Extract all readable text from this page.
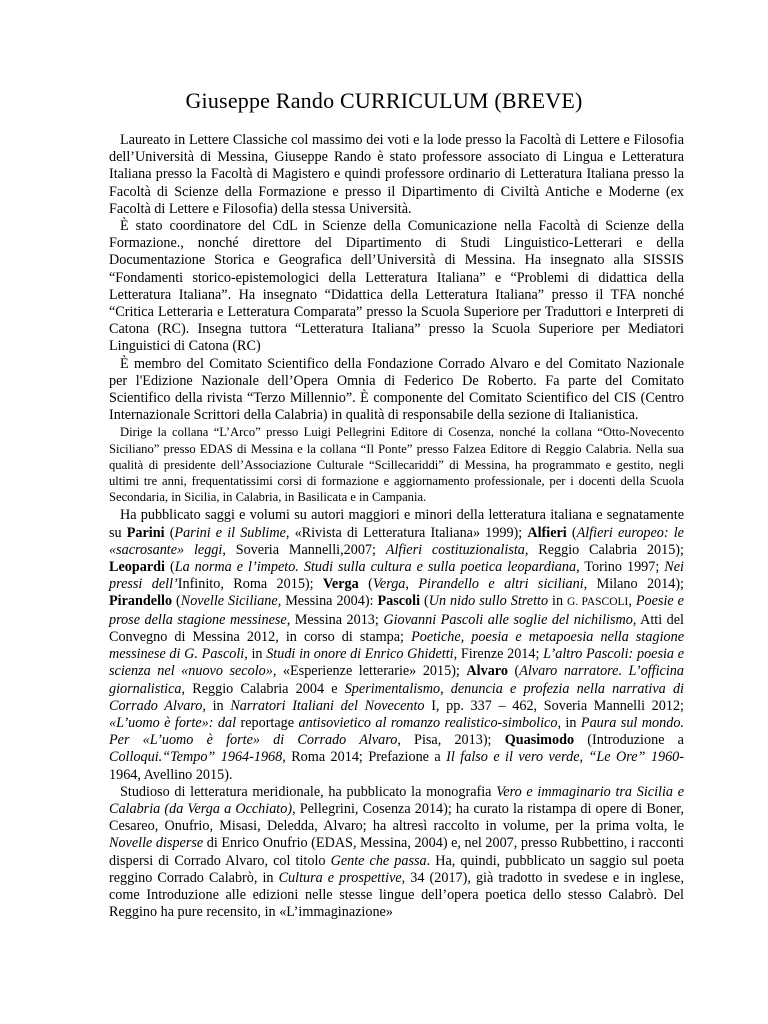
Giuseppe Rando CURRICULUM (BREVE)

Laureato in Lettere Classiche col massimo dei voti e la lode presso la Facoltà di Lettere e Filosofia dell’Università di Messina, Giuseppe Rando è stato professore associato di Lingua e Letteratura Italiana presso la Facoltà di Magistero e quindi professore ordinario di Letteratura Italiana presso la Facoltà di Scienze della Formazione e presso il Dipartimento di Civiltà Antiche e Moderne (ex Facoltà di Lettere e Filosofia) della stessa Università.

È stato coordinatore del CdL in Scienze della Comunicazione nella Facoltà di Scienze della Formazione., nonché direttore del Dipartimento di Studi Linguistico-Letterari e della Documentazione Storica e Geografica dell’Università di Messina. Ha insegnato alla SISSIS “Fondamenti storico-epistemologici della Letteratura Italiana” e “Problemi di didattica della Letteratura Italiana”. Ha insegnato “Didattica della Letteratura Italiana” presso il TFA nonché “Critica Letteraria e Letteratura Comparata” presso la Scuola Superiore per Traduttori e Interpreti di Catona (RC). Insegna tuttora “Letteratura Italiana” presso la Scuola Superiore per Mediatori Linguistici di Catona (RC)

È membro del Comitato Scientifico della Fondazione Corrado Alvaro e del Comitato Nazionale per l'Edizione Nazionale dell’Opera Omnia di Federico De Roberto. Fa parte del Comitato Scientifico della rivista “Terzo Millennio”. È componente del Comitato Scientifico del CIS (Centro Internazionale Scrittori della Calabria) in qualità di responsabile della sezione di Italianistica.

Dirige la collana “L’Arco” presso Luigi Pellegrini Editore di Cosenza, nonché la collana “Otto-Novecento Siciliano” presso EDAS di Messina e la collana “Il Ponte” presso Falzea Editore di Reggio Calabria. Nella sua qualità di presidente dell’Associazione Culturale “Scillecariddi” di Messina, ha programmato e gestito, negli ultimi tre anni, frequentatissimi corsi di formazione e aggiornamento professionale, per i docenti della Scuola Secondaria, in Sicilia, in Calabria, in Basilicata e in Campania.

Ha pubblicato saggi e volumi su autori maggiori e minori della letteratura italiana e segnatamente su Parini (Parini e il Sublime, «Rivista di Letteratura Italiana» 1999); Alfieri (Alfieri europeo: le «sacrosante» leggi, Soveria Mannelli,2007; Alfieri costituzionalista, Reggio Calabria 2015); Leopardi (La norma e l’impeto. Studi sulla cultura e sulla poetica leopardiana, Torino 1997; Nei pressi dell’Infinito, Roma 2015); Verga (Verga, Pirandello e altri siciliani, Milano 2014); Pirandello (Novelle Siciliane, Messina 2004): Pascoli (Un nido sullo Stretto in G. PASCOLI, Poesie e prose della stagione messinese, Messina 2013; Giovanni Pascoli alle soglie del nichilismo, Atti del Convegno di Messina 2012, in corso di stampa; Poetiche, poesia e metapoesia nella stagione messinese di G. Pascoli, in Studi in onore di Enrico Ghidetti, Firenze 2014; L’altro Pascoli: poesia e scienza nel «nuovo secolo», «Esperienze letterarie» 2015); Alvaro (Alvaro narratore. L’officina giornalistica, Reggio Calabria 2004 e Sperimentalismo, denuncia e profezia nella narrativa di Corrado Alvaro, in Narratori Italiani del Novecento I, pp. 337 – 462, Soveria Mannelli 2012; «L’uomo è forte»: dal reportage antisovietico al romanzo realistico-simbolico, in Paura sul mondo. Per «L’uomo è forte» di Corrado Alvaro, Pisa, 2013); Quasimodo (Introduzione a Colloqui.“Tempo” 1964-1968, Roma 2014; Prefazione a Il falso e il vero verde, “Le Ore” 1960-1964, Avellino 2015).

Studioso di letteratura meridionale, ha pubblicato la monografia Vero e immaginario tra Sicilia e Calabria (da Verga a Occhiato), Pellegrini, Cosenza 2014); ha curato la ristampa di opere di Boner, Cesareo, Onufrio, Misasi, Deledda, Alvaro; ha altresì raccolto in volume, per la prima volta, le Novelle disperse di Enrico Onufrio (EDAS, Messina, 2004) e, nel 2007, presso Rubbettino, i racconti dispersi di Corrado Alvaro, col titolo Gente che passa. Ha, quindi, pubblicato un saggio sul poeta reggino Corrado Calabrò, in Cultura e prospettive, 34 (2017), già tradotto in svedese e in inglese, come Introduzione alle edizioni nelle stesse lingue dell’opera poetica dello stesso Calabrò. Del Reggino ha pure recensito, in «L’immaginazione»
